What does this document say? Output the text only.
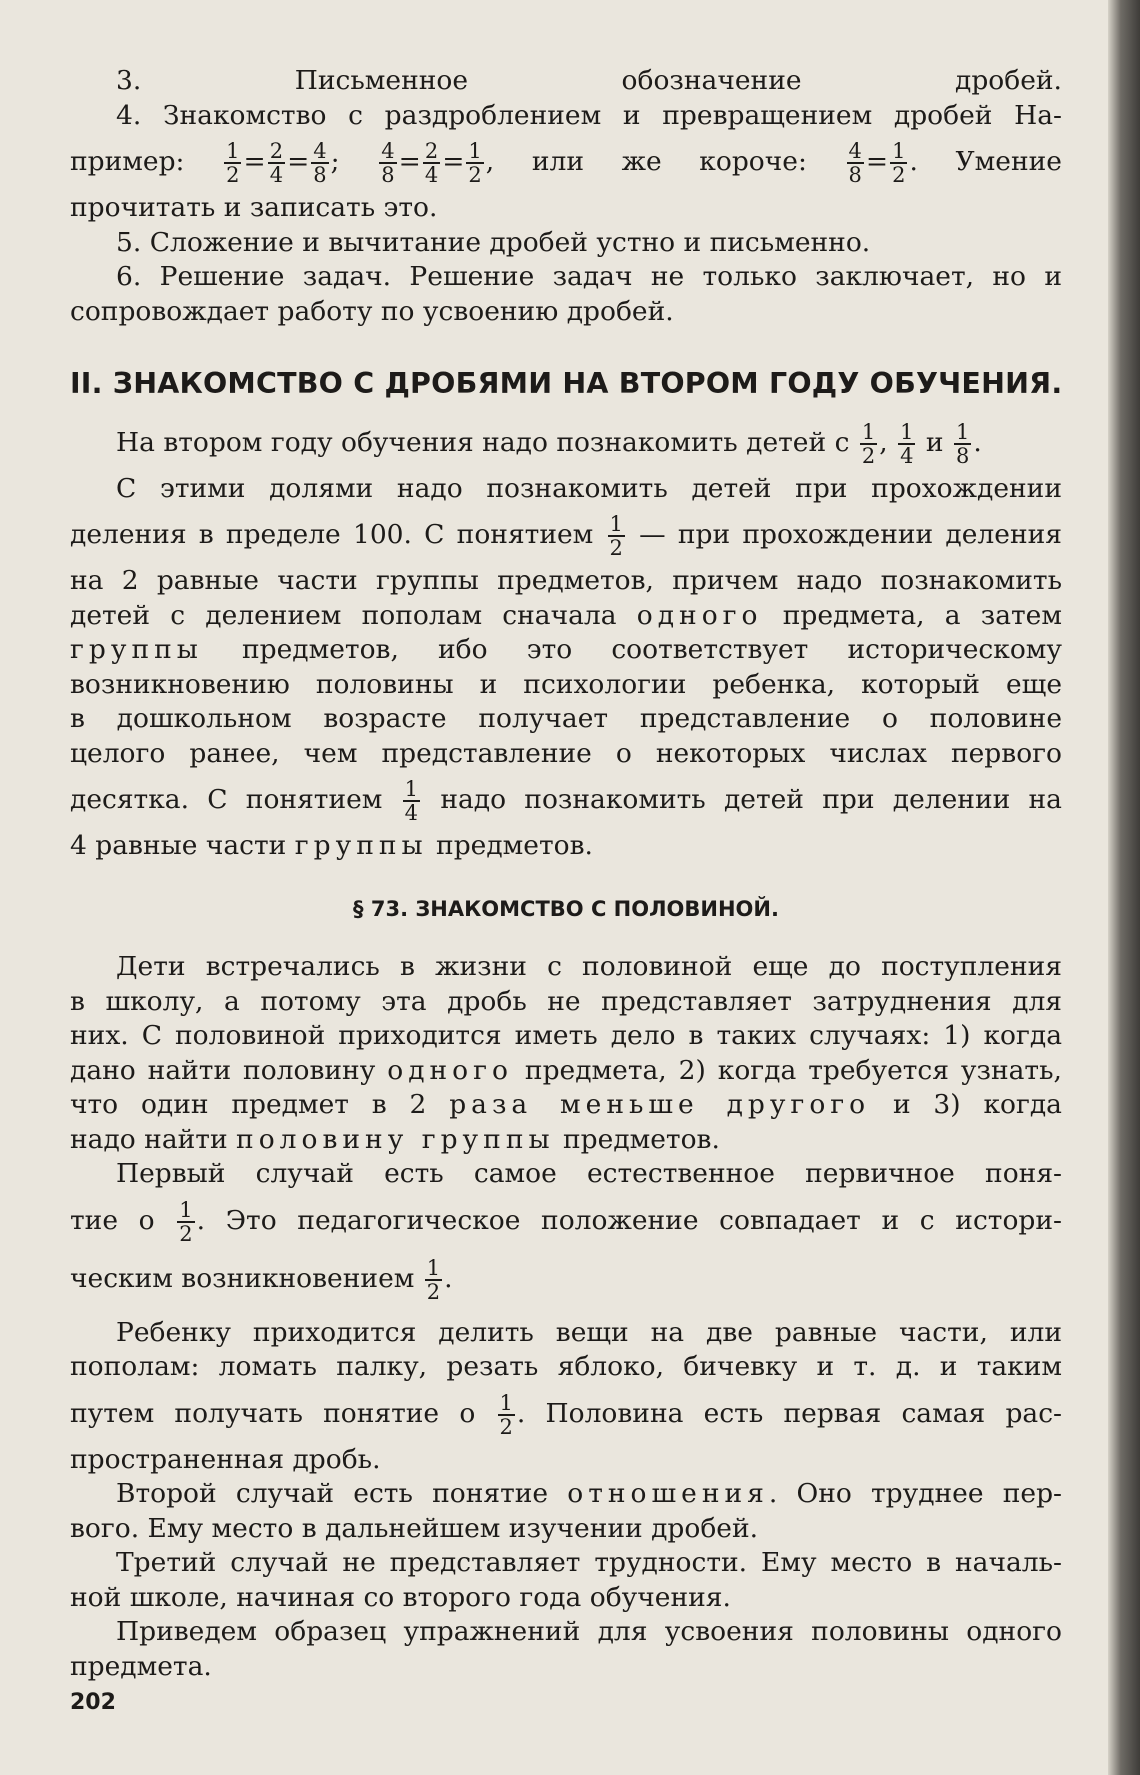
3. Письменное обозначение дробей.

4. Знакомство с раздроблением и превращением дробей На-

пример: $\frac{1}{2} = \frac{2}{4} = \frac{4}{8}$ ; $\frac{4}{8} = \frac{2}{4} = \frac{1}{2}$ , или же короче: $\frac{4}{8} = \frac{1}{2}$ . Умение

прочитать и записать это.

5. Сложение и вычитание дробей устно и письменно.

6. Решение задач. Решение задач не только заключает, но и

сопровождает работу по усвоению дробей.

II. ЗНАКОМСТВО С ДРОБЯМИ НА ВТОРОМ ГОДУ ОБУЧЕНИЯ.

На втором году обучения надо познакомить детей с $\frac{1}{2}$ , $\frac{1}{4}$ и $\frac{1}{8}$ .

С этими долями надо познакомить детей при прохождении

деления в пределе 100. С понятием $\frac{1}{2}$ — при прохождении деления

на 2 равные части группы предметов, причем надо познакомить

детей с делением пополам сначала одного предмета, а затем

группы предметов, ибо это соответствует историческому

возникновению половины и психологии ребенка, который еще

в дошкольном возрасте получает представление о половине

целого ранее, чем представление о некоторых числах первого

десятка. С понятием $\frac{1}{4}$ надо познакомить детей при делении на

4 равные части группы предметов.

§ 73. ЗНАКОМСТВО С ПОЛОВИНОЙ.

Дети встречались в жизни с половиной еще до поступления

в школу, а потому эта дробь не представляет затруднения для

них. С половиной приходится иметь дело в таких случаях: 1) когда

дано найти половину одного предмета, 2) когда требуется узнать,

что один предмет в 2 раза меньше другого и 3) когда

надо найти половину группы предметов.

Первый случай есть самое естественное первичное поня-

тие о $\frac{1}{2}$ . Это педагогическое положение совпадает и с истори-

ческим возникновением $\frac{1}{2}$ .

Ребенку приходится делить вещи на две равные части, или

пополам: ломать палку, резать яблоко, бичевку и т. д. и таким

путем получать понятие о $\frac{1}{2}$ . Половина есть первая самая рас-

пространенная дробь.

Второй случай есть понятие отношения. Оно труднее пер-

вого. Ему место в дальнейшем изучении дробей.

Третий случай не представляет трудности. Ему место в началь-

ной школе, начиная со второго года обучения.

Приведем образец упражнений для усвоения половины одного

предмета.

202
